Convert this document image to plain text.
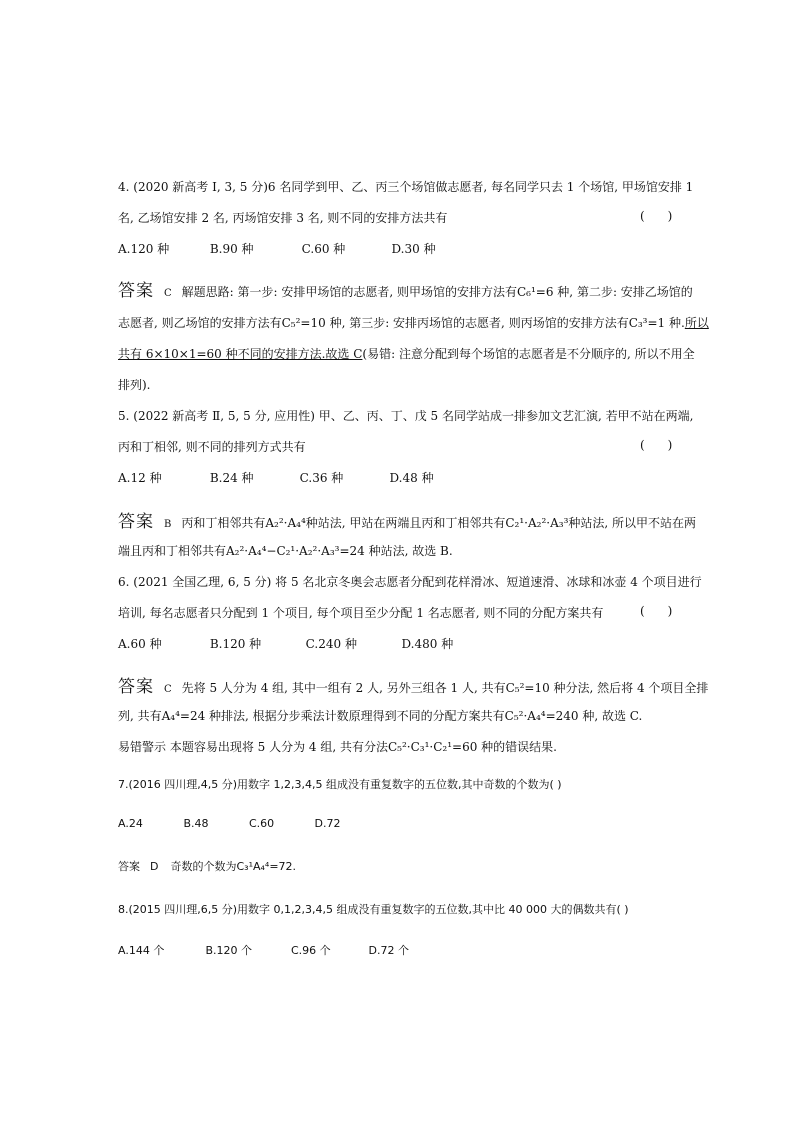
4. (2020 新高考 Ⅰ, 3, 5 分)6 名同学到甲、乙、丙三个场馆做志愿者, 每名同学只去 1 个场馆, 甲场馆安排 1
名, 乙场馆安排 2 名, 丙场馆安排 3 名, 则不同的安排方法共有	(      )
A.120 种	B.90 种	C.60 种	D.30 种
答案 C 解题思路: 第一步: 安排甲场馆的志愿者, 则甲场馆的安排方法有C₆¹=6 种, 第二步: 安排乙场馆的
志愿者, 则乙场馆的安排方法有C₅²=10 种, 第三步: 安排丙场馆的志愿者, 则丙场馆的安排方法有C₃³=1 种.所以
共有 6×10×1=60 种不同的安排方法.故选 C(易错: 注意分配到每个场馆的志愿者是不分顺序的, 所以不用全
排列).
5. (2022 新高考 Ⅱ, 5, 5 分, 应用性) 甲、乙、丙、丁、戊 5 名同学站成一排参加文艺汇演, 若甲不站在两端,
丙和丁相邻, 则不同的排列方式共有	(      )
A.12 种	B.24 种	C.36 种	D.48 种
答案 B 丙和丁相邻共有A₂²·A₄⁴种站法, 甲站在两端且丙和丁相邻共有C₂¹·A₂²·A₃³种站法, 所以甲不站在两
端且丙和丁相邻共有A₂²·A₄⁴−C₂¹·A₂²·A₃³=24 种站法, 故选 B.
6. (2021 全国乙理, 6, 5 分) 将 5 名北京冬奥会志愿者分配到花样滑冰、短道速滑、冰球和冰壶 4 个项目进行
培训, 每名志愿者只分配到 1 个项目, 每个项目至少分配 1 名志愿者, 则不同的分配方案共有	(      )
A.60 种	B.120 种	C.240 种	D.480 种
答案 C 先将 5 人分为 4 组, 其中一组有 2 人, 另外三组各 1 人, 共有C₅²=10 种分法, 然后将 4 个项目全排
列, 共有A₄⁴=24 种排法, 根据分步乘法计数原理得到不同的分配方案共有C₅²·A₄⁴=240 种, 故选 C.
易错警示 本题容易出现将 5 人分为 4 组, 共有分法C₅²·C₃¹·C₂¹=60 种的错误结果.
7.(2016 四川理,4,5 分)用数字 1,2,3,4,5 组成没有重复数字的五位数,其中奇数的个数为( )
A.24	B.48	C.60	D.72
答案 D 奇数的个数为C₃¹A₄⁴=72.
8.(2015 四川理,6,5 分)用数字 0,1,2,3,4,5 组成没有重复数字的五位数,其中比 40 000 大的偶数共有( )
A.144 个	B.120 个	C.96 个	D.72 个
